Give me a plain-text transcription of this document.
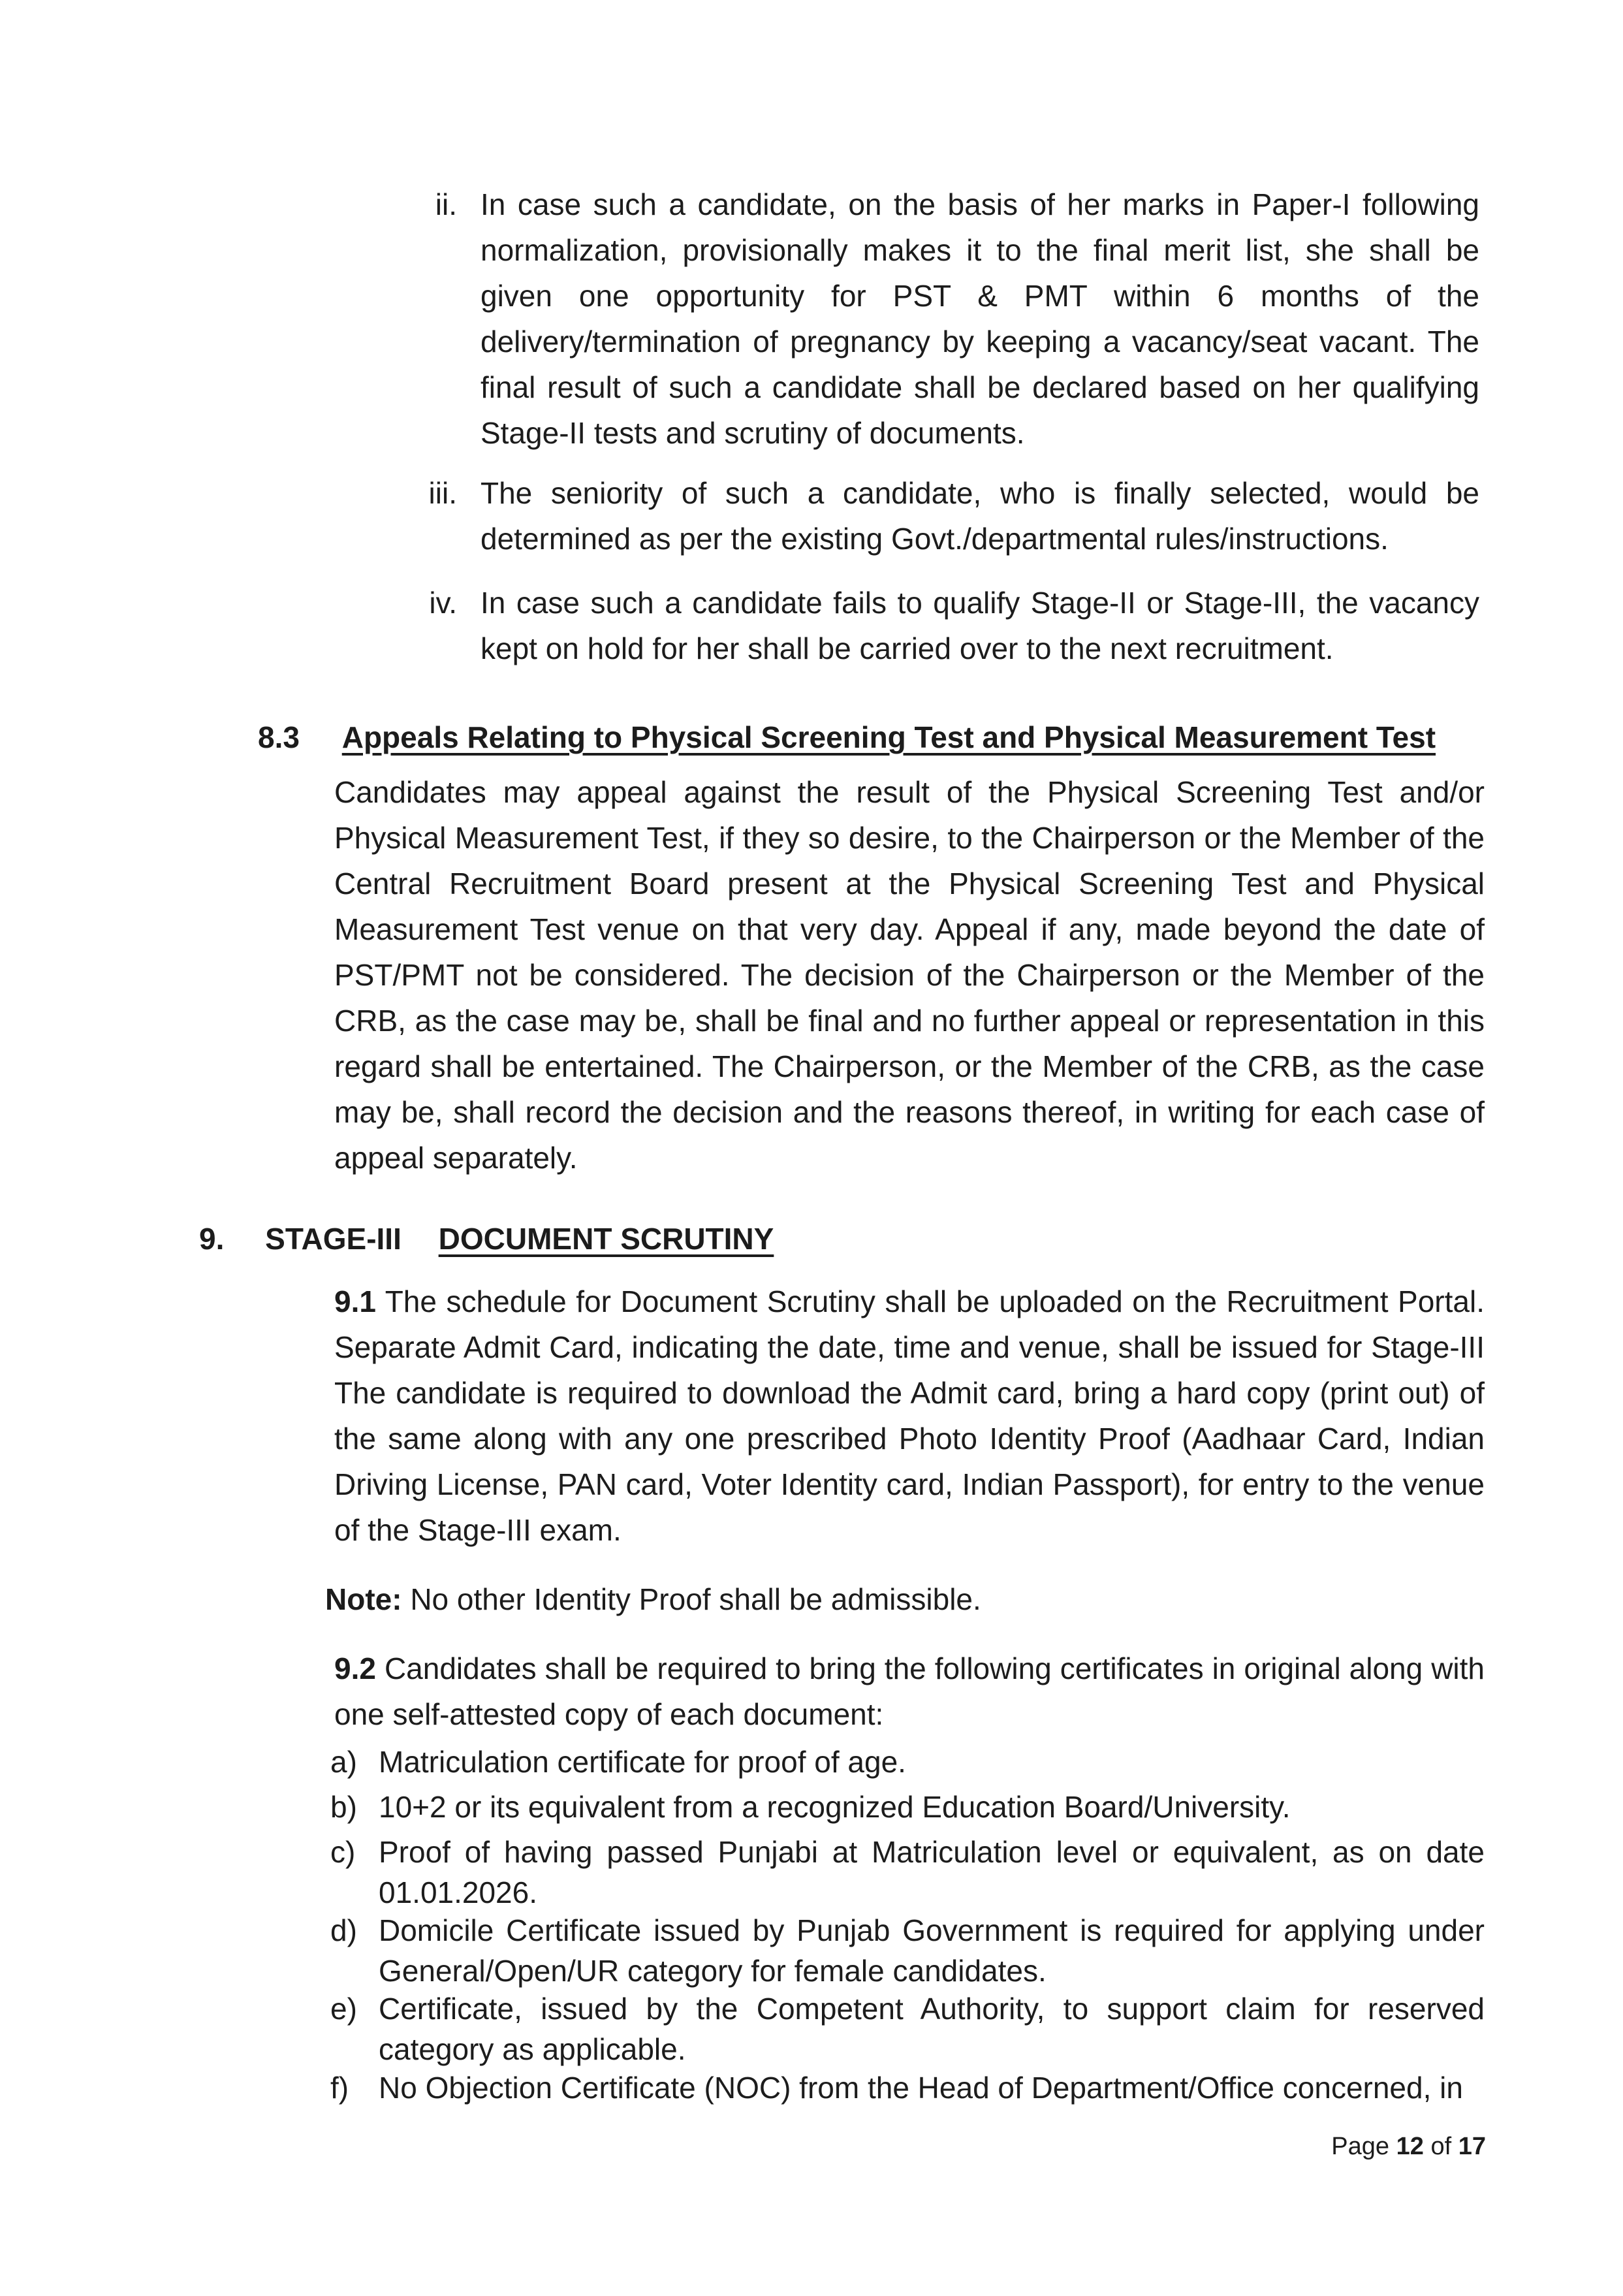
ii. In case such a candidate, on the basis of her marks in Paper-I following normalization, provisionally makes it to the final merit list, she shall be given one opportunity for PST & PMT within 6 months of the delivery/termination of pregnancy by keeping a vacancy/seat vacant. The final result of such a candidate shall be declared based on her qualifying Stage-II tests and scrutiny of documents.

iii. The seniority of such a candidate, who is finally selected, would be determined as per the existing Govt./departmental rules/instructions.

iv. In case such a candidate fails to qualify Stage-II or Stage-III, the vacancy kept on hold for her shall be carried over to the next recruitment.

8.3 Appeals Relating to Physical Screening Test and Physical Measurement Test

Candidates may appeal against the result of the Physical Screening Test and/or Physical Measurement Test, if they so desire, to the Chairperson or the Member of the Central Recruitment Board present at the Physical Screening Test and Physical Measurement Test venue on that very day. Appeal if any, made beyond the date of PST/PMT not be considered. The decision of the Chairperson or the Member of the CRB, as the case may be, shall be final and no further appeal or representation in this regard shall be entertained. The Chairperson, or the Member of the CRB, as the case may be, shall record the decision and the reasons thereof, in writing for each case of appeal separately.

9. STAGE-III DOCUMENT SCRUTINY

9.1 The schedule for Document Scrutiny shall be uploaded on the Recruitment Portal. Separate Admit Card, indicating the date, time and venue, shall be issued for Stage-III The candidate is required to download the Admit card, bring a hard copy (print out) of the same along with any one prescribed Photo Identity Proof (Aadhaar Card, Indian Driving License, PAN card, Voter Identity card, Indian Passport), for entry to the venue of the Stage-III exam.

Note: No other Identity Proof shall be admissible.

9.2 Candidates shall be required to bring the following certificates in original along with one self-attested copy of each document:

a) Matriculation certificate for proof of age.

b) 10+2 or its equivalent from a recognized Education Board/University.

c) Proof of having passed Punjabi at Matriculation level or equivalent, as on date 01.01.2026.

d) Domicile Certificate issued by Punjab Government is required for applying under General/Open/UR category for female candidates.

e) Certificate, issued by the Competent Authority, to support claim for reserved category as applicable.

f) No Objection Certificate (NOC) from the Head of Department/Office concerned, in

Page 12 of 17
